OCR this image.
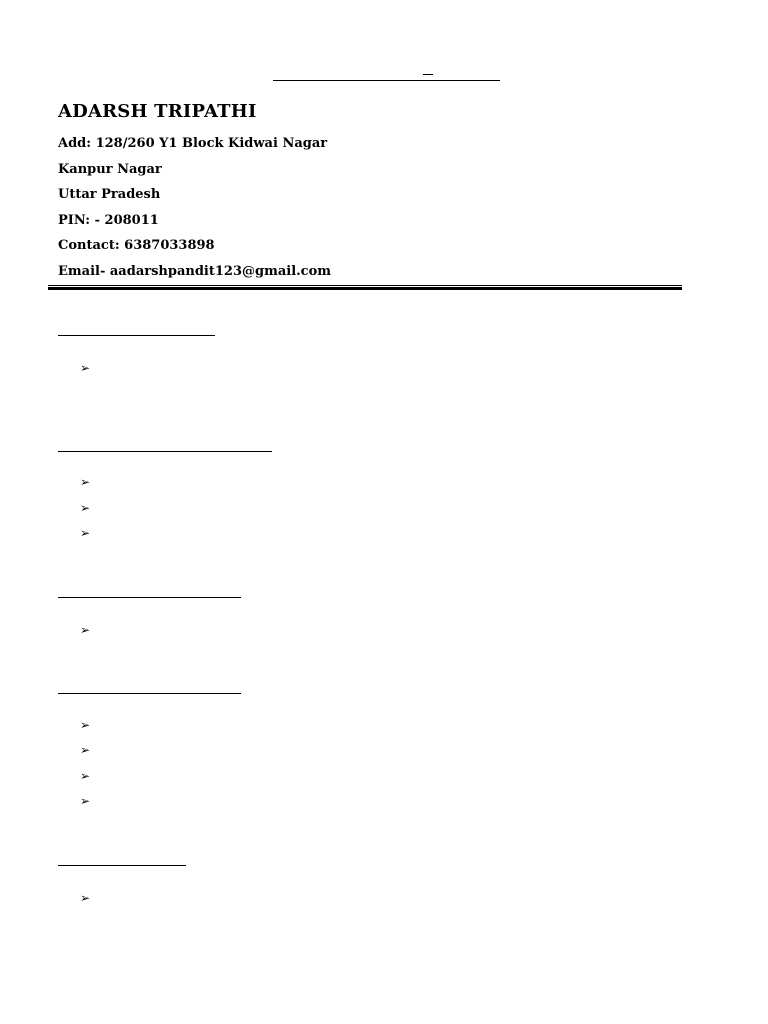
ADARSH TRIPATHI
Add: 128/260 Y1 Block Kidwai Nagar
Kanpur Nagar
Uttar Pradesh
PIN: - 208011
Contact: 6387033898
Email- aadarshpandit123@gmail.com
➢
➢
➢
➢
➢
➢
➢
➢
➢
➢
